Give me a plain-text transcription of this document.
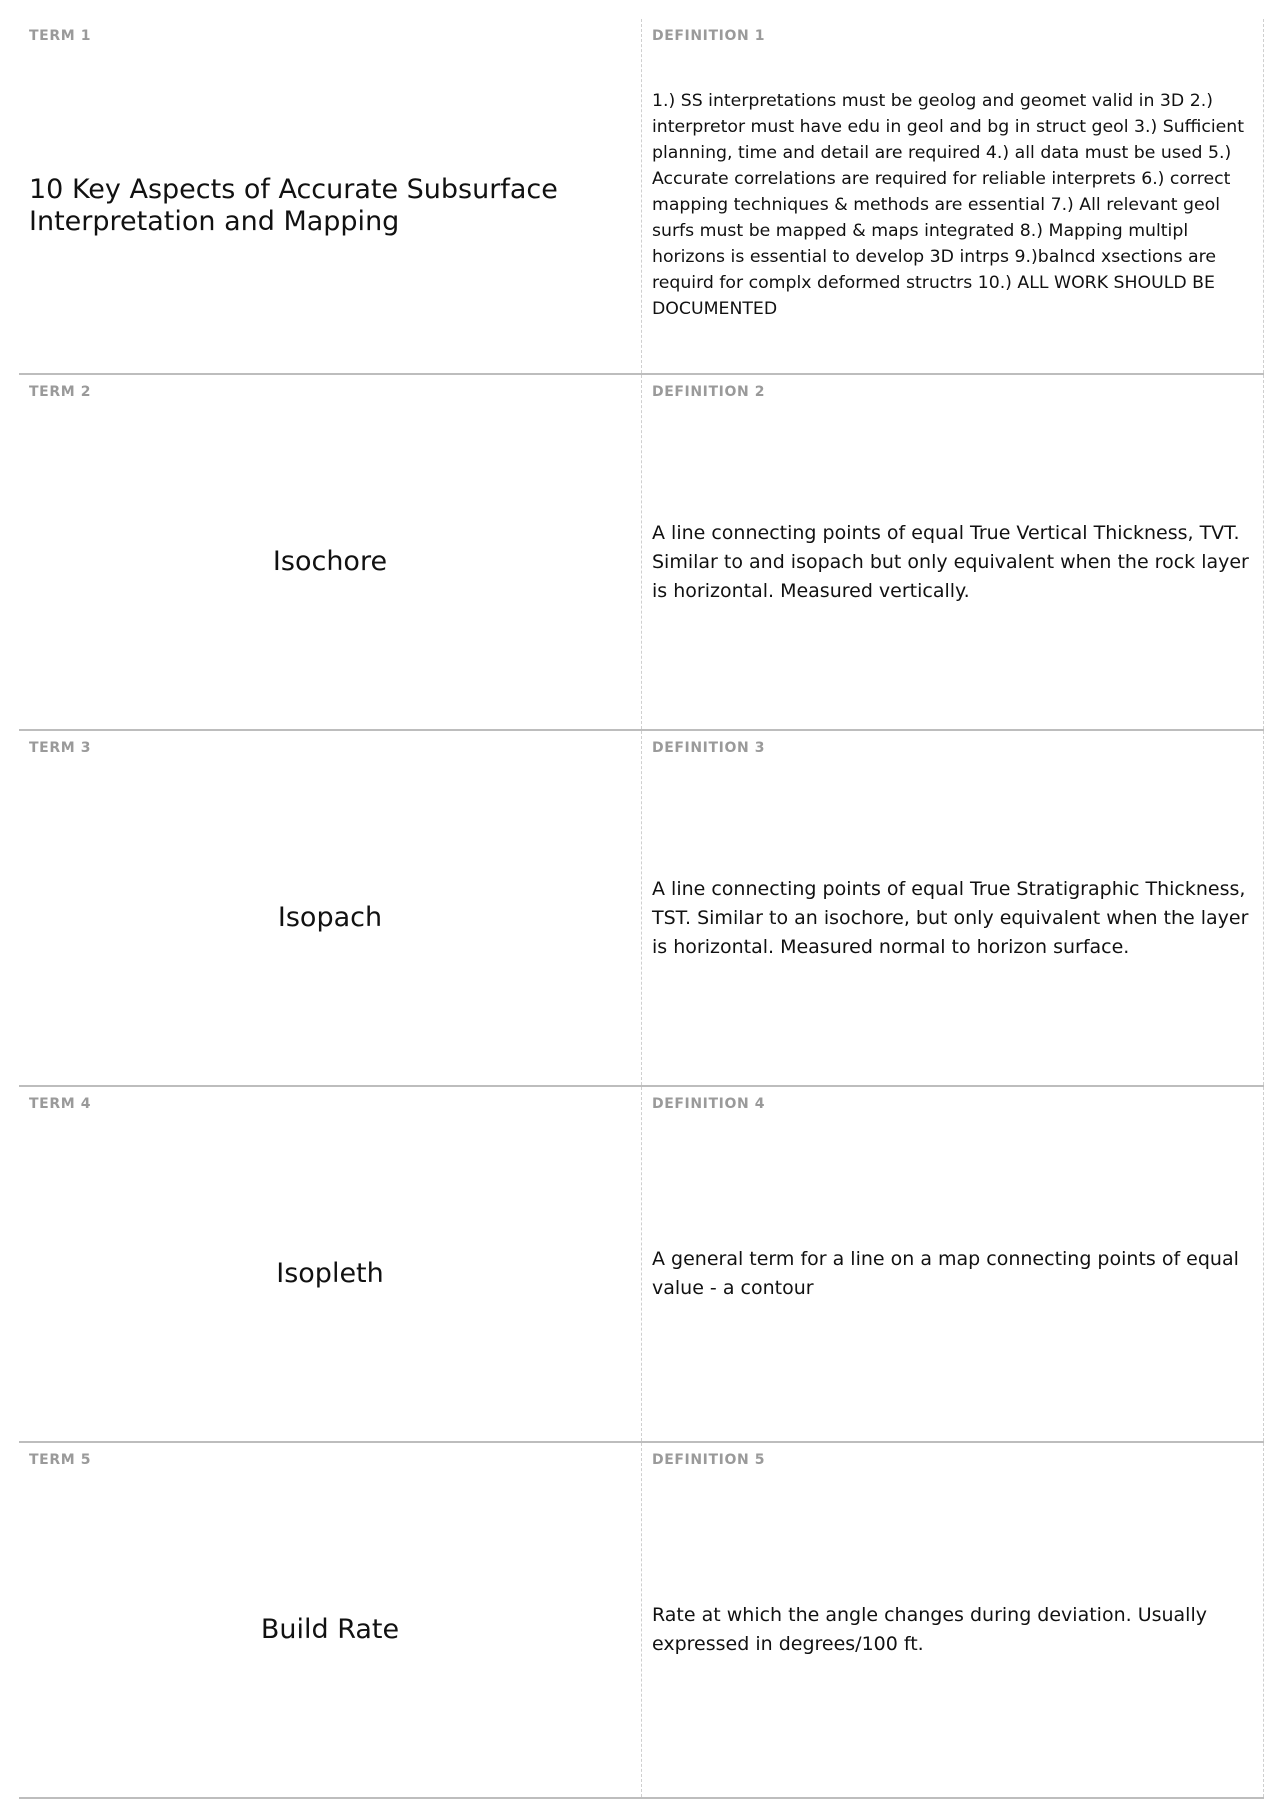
TERM 1
10 Key Aspects of Accurate Subsurface Interpretation and Mapping
DEFINITION 1
1.) SS interpretations must be geolog and geomet valid in 3D 2.) interpretor must have edu in geol and bg in struct geol 3.) Sufficient planning, time and detail are required 4.) all data must be used 5.) Accurate correlations are required for reliable interprets 6.) correct mapping techniques & methods are essential 7.) All relevant geol surfs must be mapped & maps integrated 8.) Mapping multipl horizons is essential to develop 3D intrps 9.)balncd xsections are requird for complx deformed structrs 10.) ALL WORK SHOULD BE DOCUMENTED
TERM 2
Isochore
DEFINITION 2
A line connecting points of equal True Vertical Thickness, TVT. Similar to and isopach but only equivalent when the rock layer is horizontal. Measured vertically.
TERM 3
Isopach
DEFINITION 3
A line connecting points of equal True Stratigraphic Thickness, TST. Similar to an isochore, but only equivalent when the layer is horizontal. Measured normal to horizon surface.
TERM 4
Isopleth
DEFINITION 4
A general term for a line on a map connecting points of equal value - a contour
TERM 5
Build Rate
DEFINITION 5
Rate at which the angle changes during deviation. Usually expressed in degrees/100 ft.
